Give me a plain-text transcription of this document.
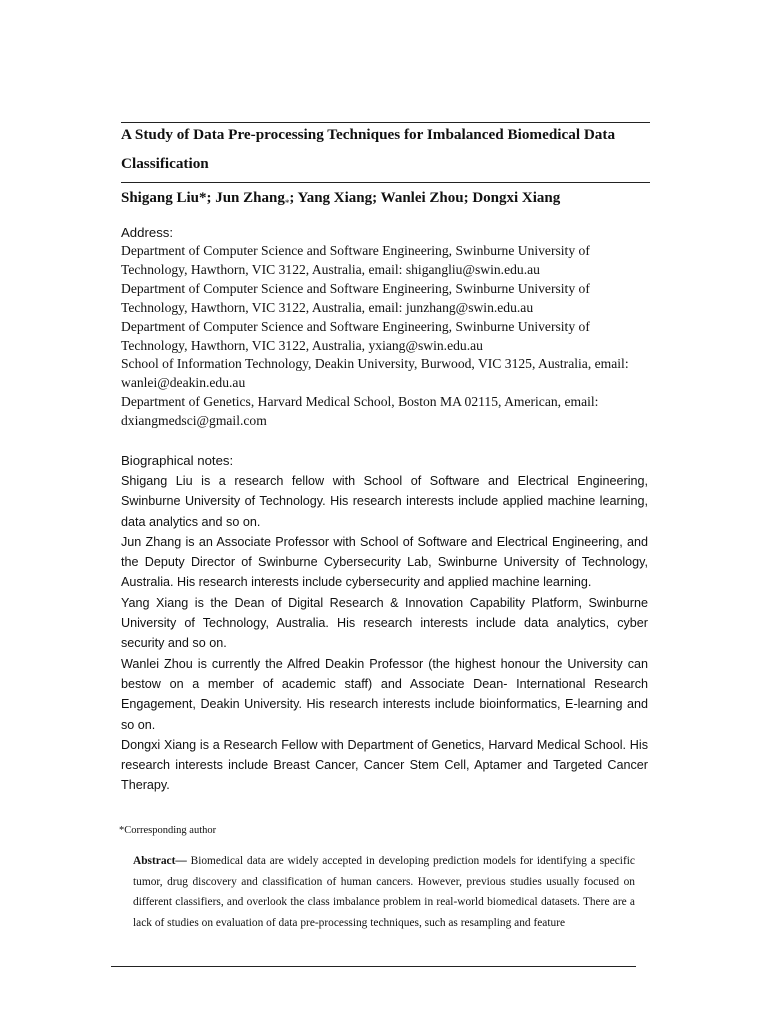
A Study of Data Pre-processing Techniques for Imbalanced Biomedical Data Classification

Shigang Liu*; Jun Zhang$_*$; Yang Xiang; Wanlei Zhou; Dongxi Xiang

Address:

Department of Computer Science and Software Engineering, Swinburne University of Technology, Hawthorn, VIC 3122, Australia, email: shigangliu@swin.edu.au

Department of Computer Science and Software Engineering, Swinburne University of Technology, Hawthorn, VIC 3122, Australia, email: junzhang@swin.edu.au

Department of Computer Science and Software Engineering, Swinburne University of Technology, Hawthorn, VIC 3122, Australia, yxiang@swin.edu.au

School of Information Technology, Deakin University, Burwood, VIC 3125, Australia, email: wanlei@deakin.edu.au

Department of Genetics, Harvard Medical School, Boston MA 02115, American, email: dxiangmedsci@gmail.com

Biographical notes:

Shigang Liu is a research fellow with School of Software and Electrical Engineering, Swinburne University of Technology. His research interests include applied machine learning, data analytics and so on.

Jun Zhang is an Associate Professor with School of Software and Electrical Engineering, and the Deputy Director of Swinburne Cybersecurity Lab, Swinburne University of Technology, Australia. His research interests include cybersecurity and applied machine learning.

Yang Xiang is the Dean of Digital Research & Innovation Capability Platform, Swinburne University of Technology, Australia. His research interests include data analytics, cyber security and so on.

Wanlei Zhou is currently the Alfred Deakin Professor (the highest honour the University can bestow on a member of academic staff) and Associate Dean- International Research Engagement, Deakin University. His research interests include bioinformatics, E-learning and so on.

Dongxi Xiang is a Research Fellow with Department of Genetics, Harvard Medical School. His research interests include Breast Cancer, Cancer Stem Cell, Aptamer and Targeted Cancer Therapy.

*Corresponding author

Abstract— Biomedical data are widely accepted in developing prediction models for identifying a specific tumor, drug discovery and classification of human cancers. However, previous studies usually focused on different classifiers, and overlook the class imbalance problem in real-world biomedical datasets. There are a lack of studies on evaluation of data pre-processing techniques, such as resampling and feature
